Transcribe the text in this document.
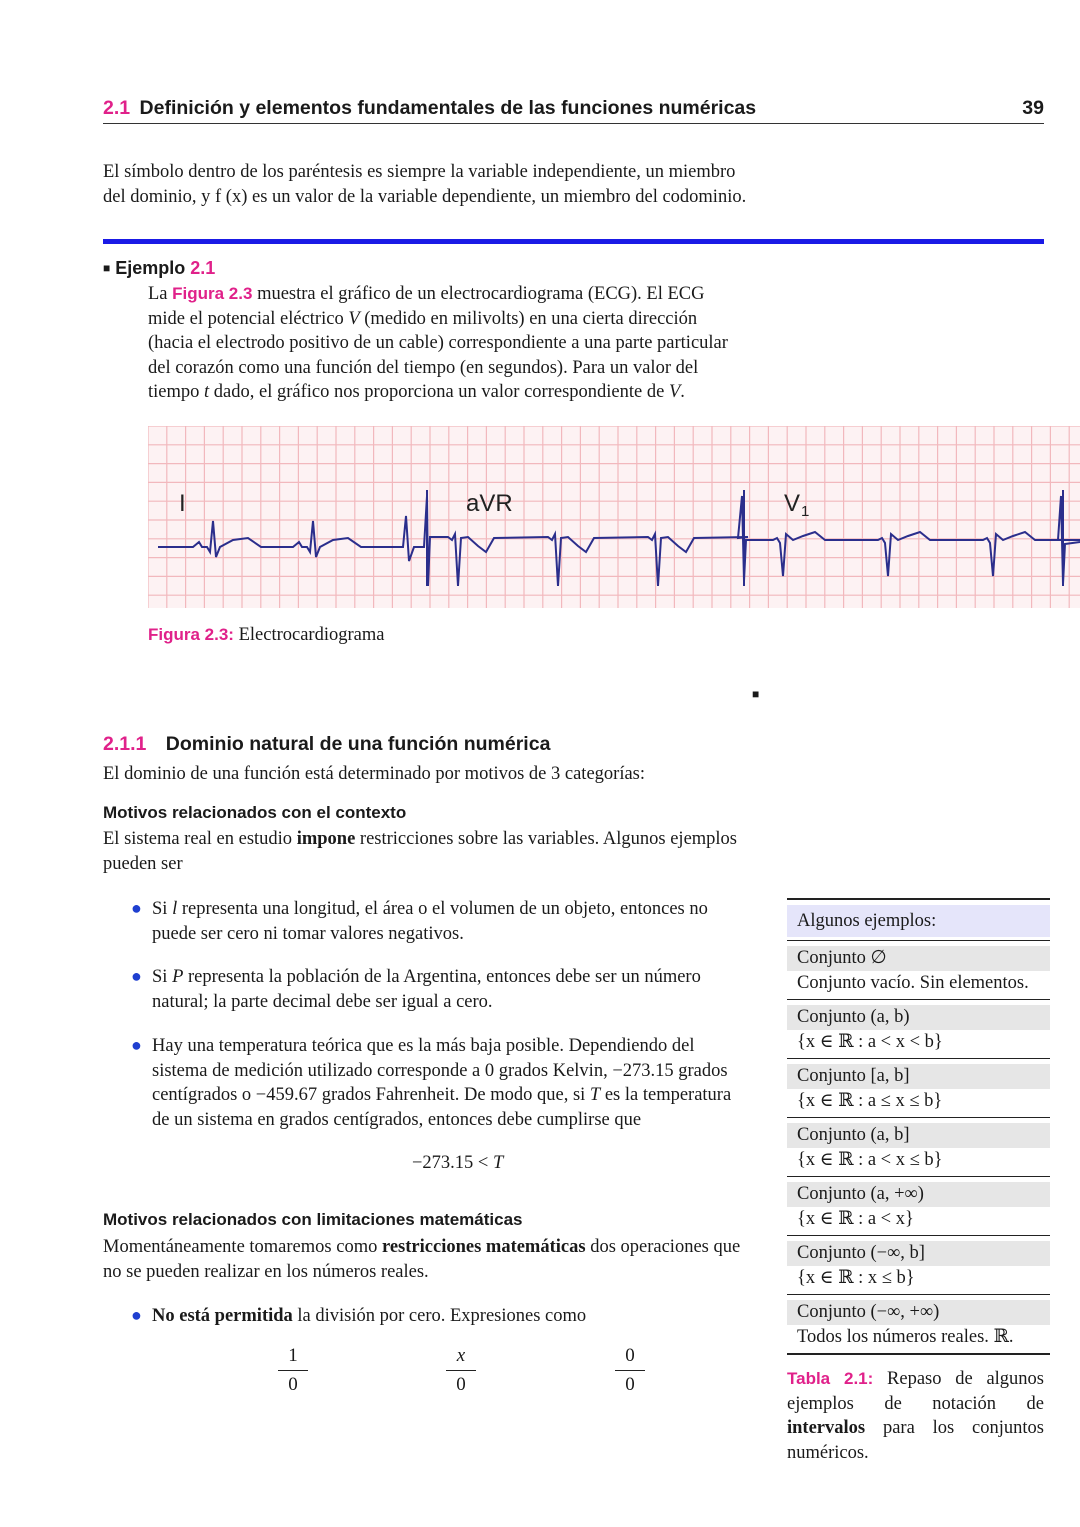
2.1 Definición y elementos fundamentales de las funciones numéricas	39
El símbolo dentro de los paréntesis es siempre la variable independiente, un miembro
del dominio, y f (x) es un valor de la variable dependiente, un miembro del codominio.
■ Ejemplo 2.1
La Figura 2.3 muestra el gráfico de un electrocardiograma (ECG). El ECG
mide el potencial eléctrico V (medido en milivolts) en una cierta dirección
(hacia el electrodo positivo de un cable) correspondiente a una parte particular
del corazón como una función del tiempo (en segundos). Para un valor del
tiempo t dado, el gráfico nos proporciona un valor correspondiente de V.
I	aVR	V 1
Figura 2.3: Electrocardiograma
■
2.1.1 Dominio natural de una función numérica
El dominio de una función está determinado por motivos de 3 categorías:
Motivos relacionados con el contexto
El sistema real en estudio impone restricciones sobre las variables. Algunos ejemplos
pueden ser
● Si l representa una longitud, el área o el volumen de un objeto, entonces no
puede ser cero ni tomar valores negativos.
● Si P representa la población de la Argentina, entonces debe ser un número
natural; la parte decimal debe ser igual a cero.
● Hay una temperatura teórica que es la más baja posible. Dependiendo del
sistema de medición utilizado corresponde a 0 grados Kelvin, −273.15 grados
centígrados o −459.67 grados Fahrenheit. De modo que, si T es la temperatura
de un sistema en grados centígrados, entonces debe cumplirse que
−273.15 < T
Motivos relacionados con limitaciones matemáticas
Momentáneamente tomaremos como restricciones matemáticas dos operaciones que
no se pueden realizar en los números reales.
● No está permitida la división por cero. Expresiones como
$\frac{1}{0}$	$\frac{x}{0}$	$\frac{0}{0}$
Algunos ejemplos:
Conjunto ∅
Conjunto vacío. Sin elementos.
Conjunto (a, b)
{x ∈ ℝ : a < x < b}
Conjunto [a, b]
{x ∈ ℝ : a ≤ x ≤ b}
Conjunto (a, b]
{x ∈ ℝ : a < x ≤ b}
Conjunto (a, +∞)
{x ∈ ℝ : a < x}
Conjunto (−∞, b]
{x ∈ ℝ : x ≤ b}
Conjunto (−∞, +∞)
Todos los números reales. ℝ.
Tabla 2.1: Repaso de algunos
ejemplos de notación de
intervalos para los conjuntos
numéricos.
